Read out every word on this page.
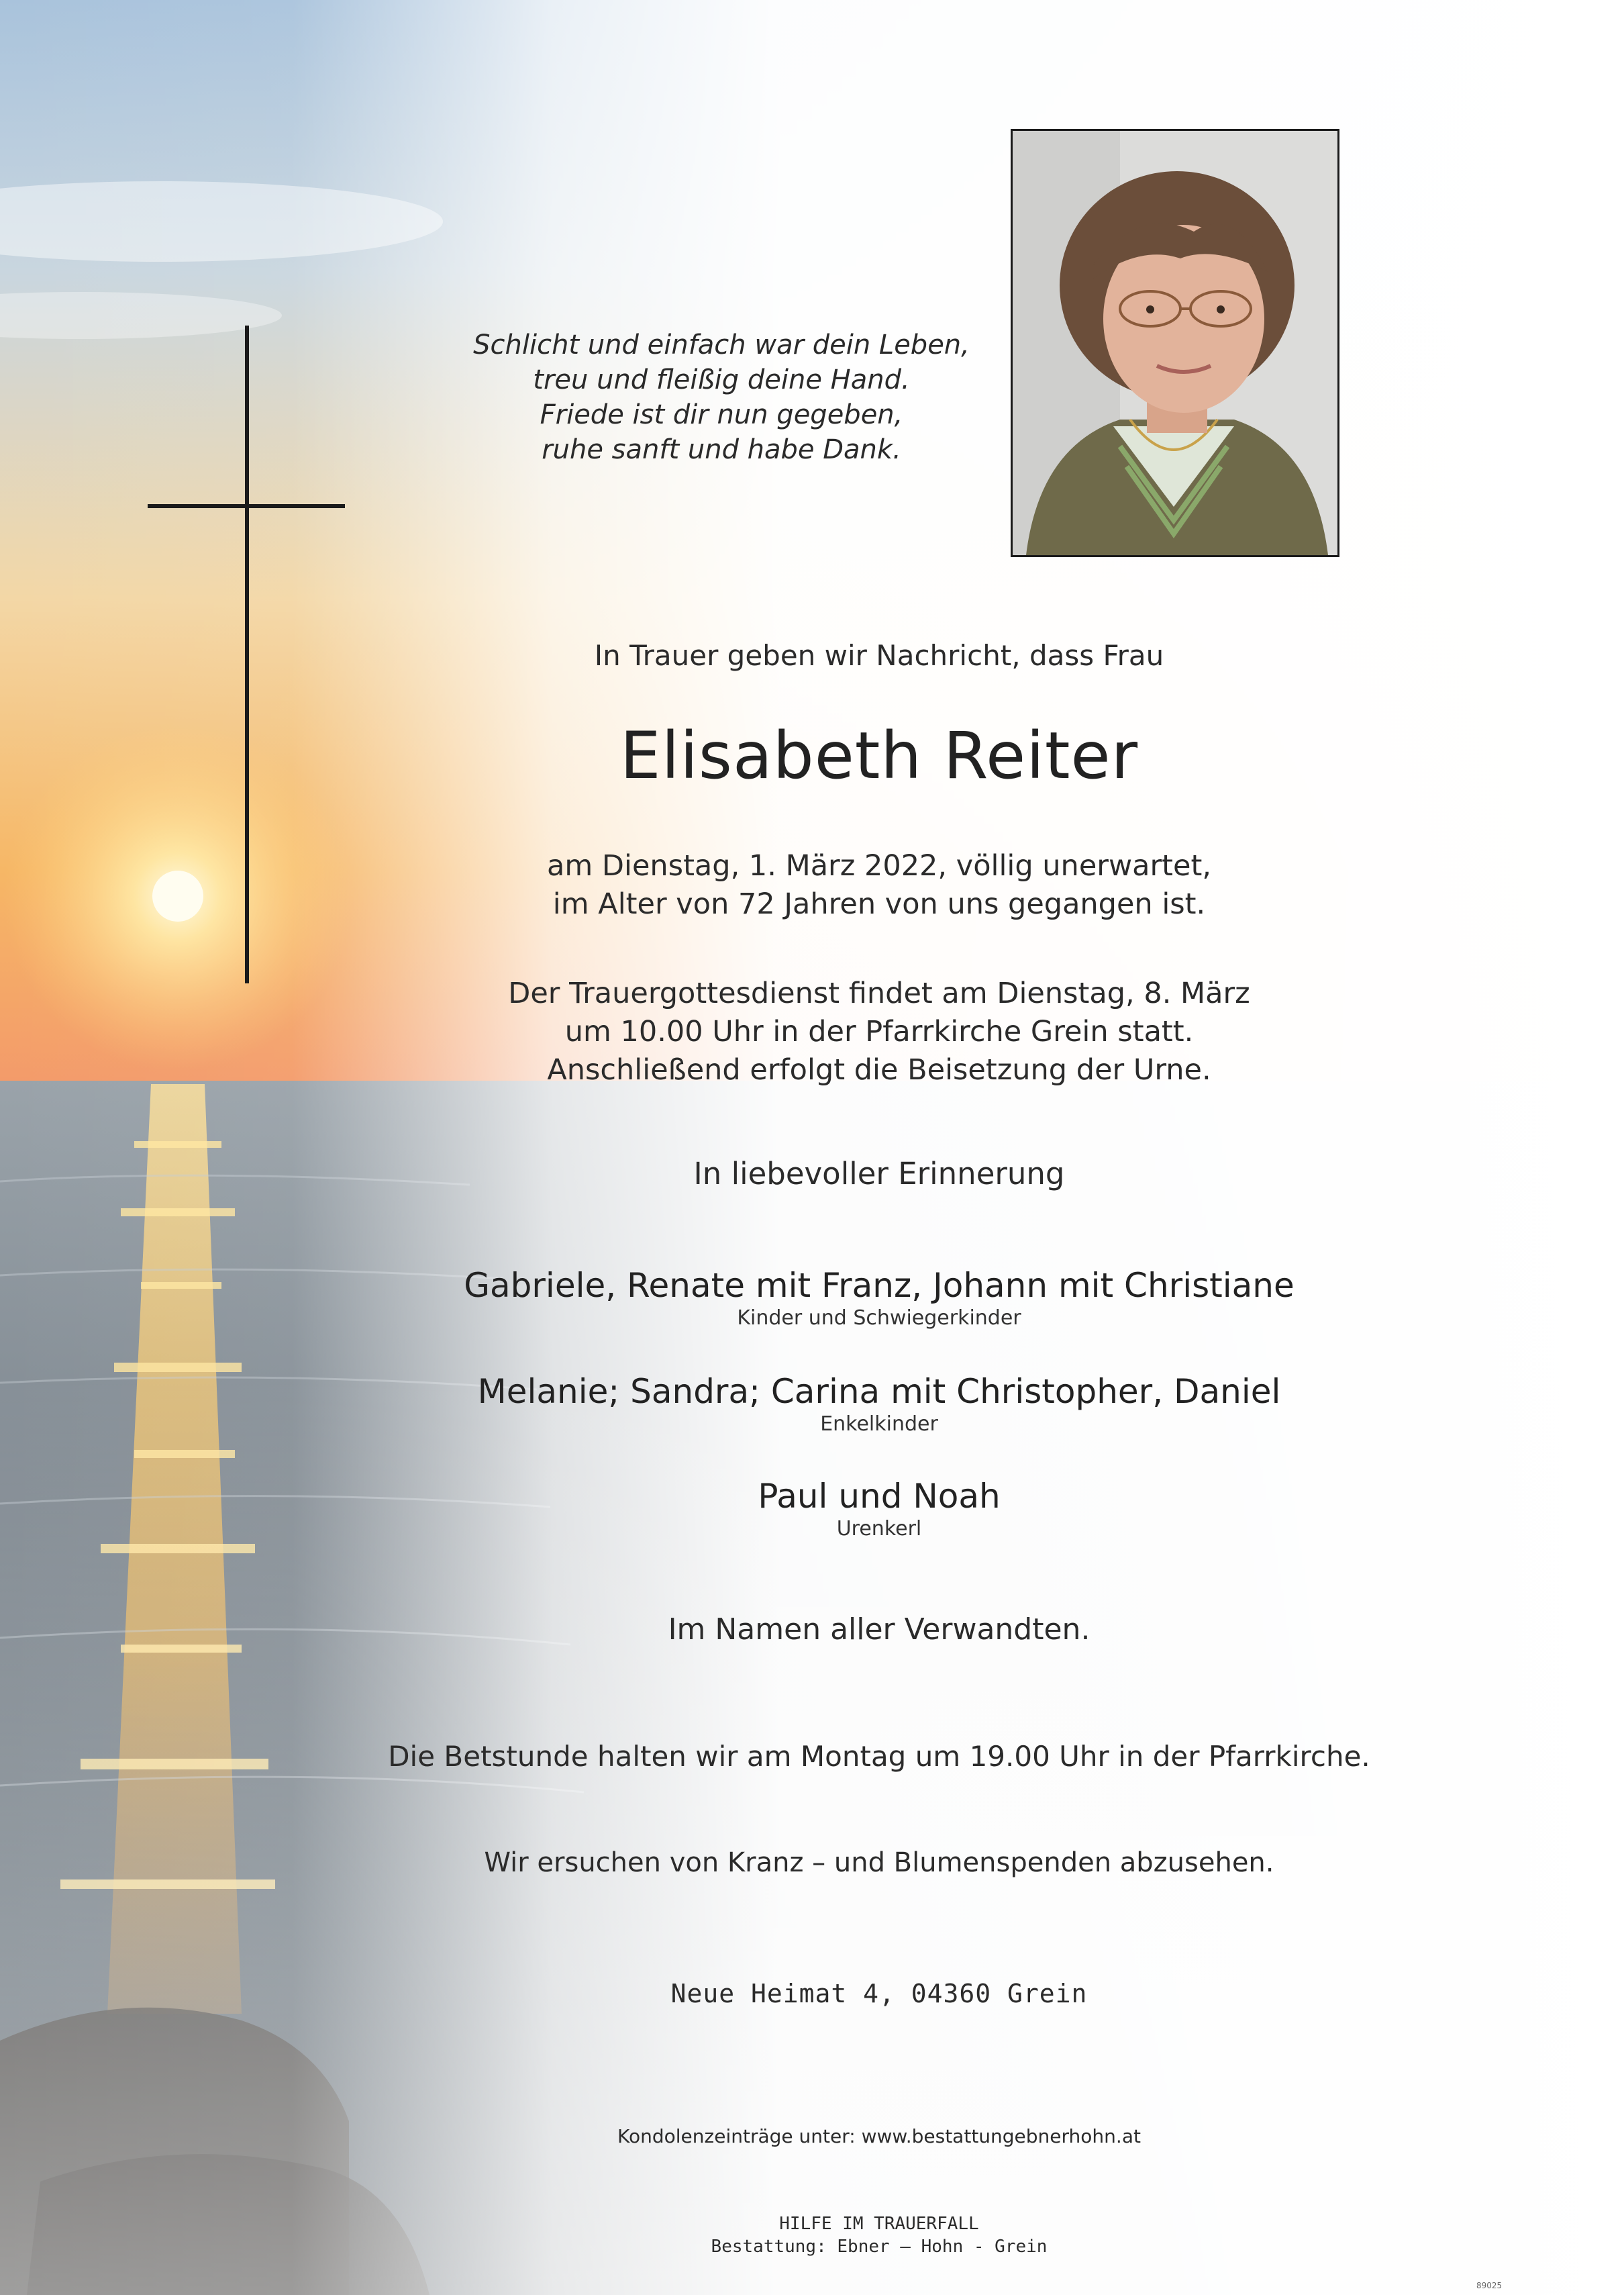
Schlicht und einfach war dein Leben,
treu und fleißig deine Hand.
Friede ist dir nun gegeben,
ruhe sanft und habe Dank.
In Trauer geben wir Nachricht, dass Frau
Elisabeth Reiter
am Dienstag, 1. März 2022, völlig unerwartet,
im Alter von 72 Jahren von uns gegangen ist.
Der Trauergottesdienst findet am Dienstag, 8. März
um 10.00 Uhr in der Pfarrkirche Grein statt.
Anschließend erfolgt die Beisetzung der Urne.
In liebevoller Erinnerung
Gabriele, Renate mit Franz, Johann mit Christiane
Kinder und Schwiegerkinder
Melanie; Sandra; Carina mit Christopher, Daniel
Enkelkinder
Paul und Noah
Urenkerl
Im Namen aller Verwandten.
Die Betstunde halten wir am Montag um 19.00 Uhr in der Pfarrkirche.
Wir ersuchen von Kranz – und Blumenspenden abzusehen.
Neue Heimat 4, 04360 Grein
Kondolenzeinträge unter: www.bestattungebnerhohn.at
HILFE IM TRAUERFALL
Bestattung: Ebner – Hohn - Grein
89025
